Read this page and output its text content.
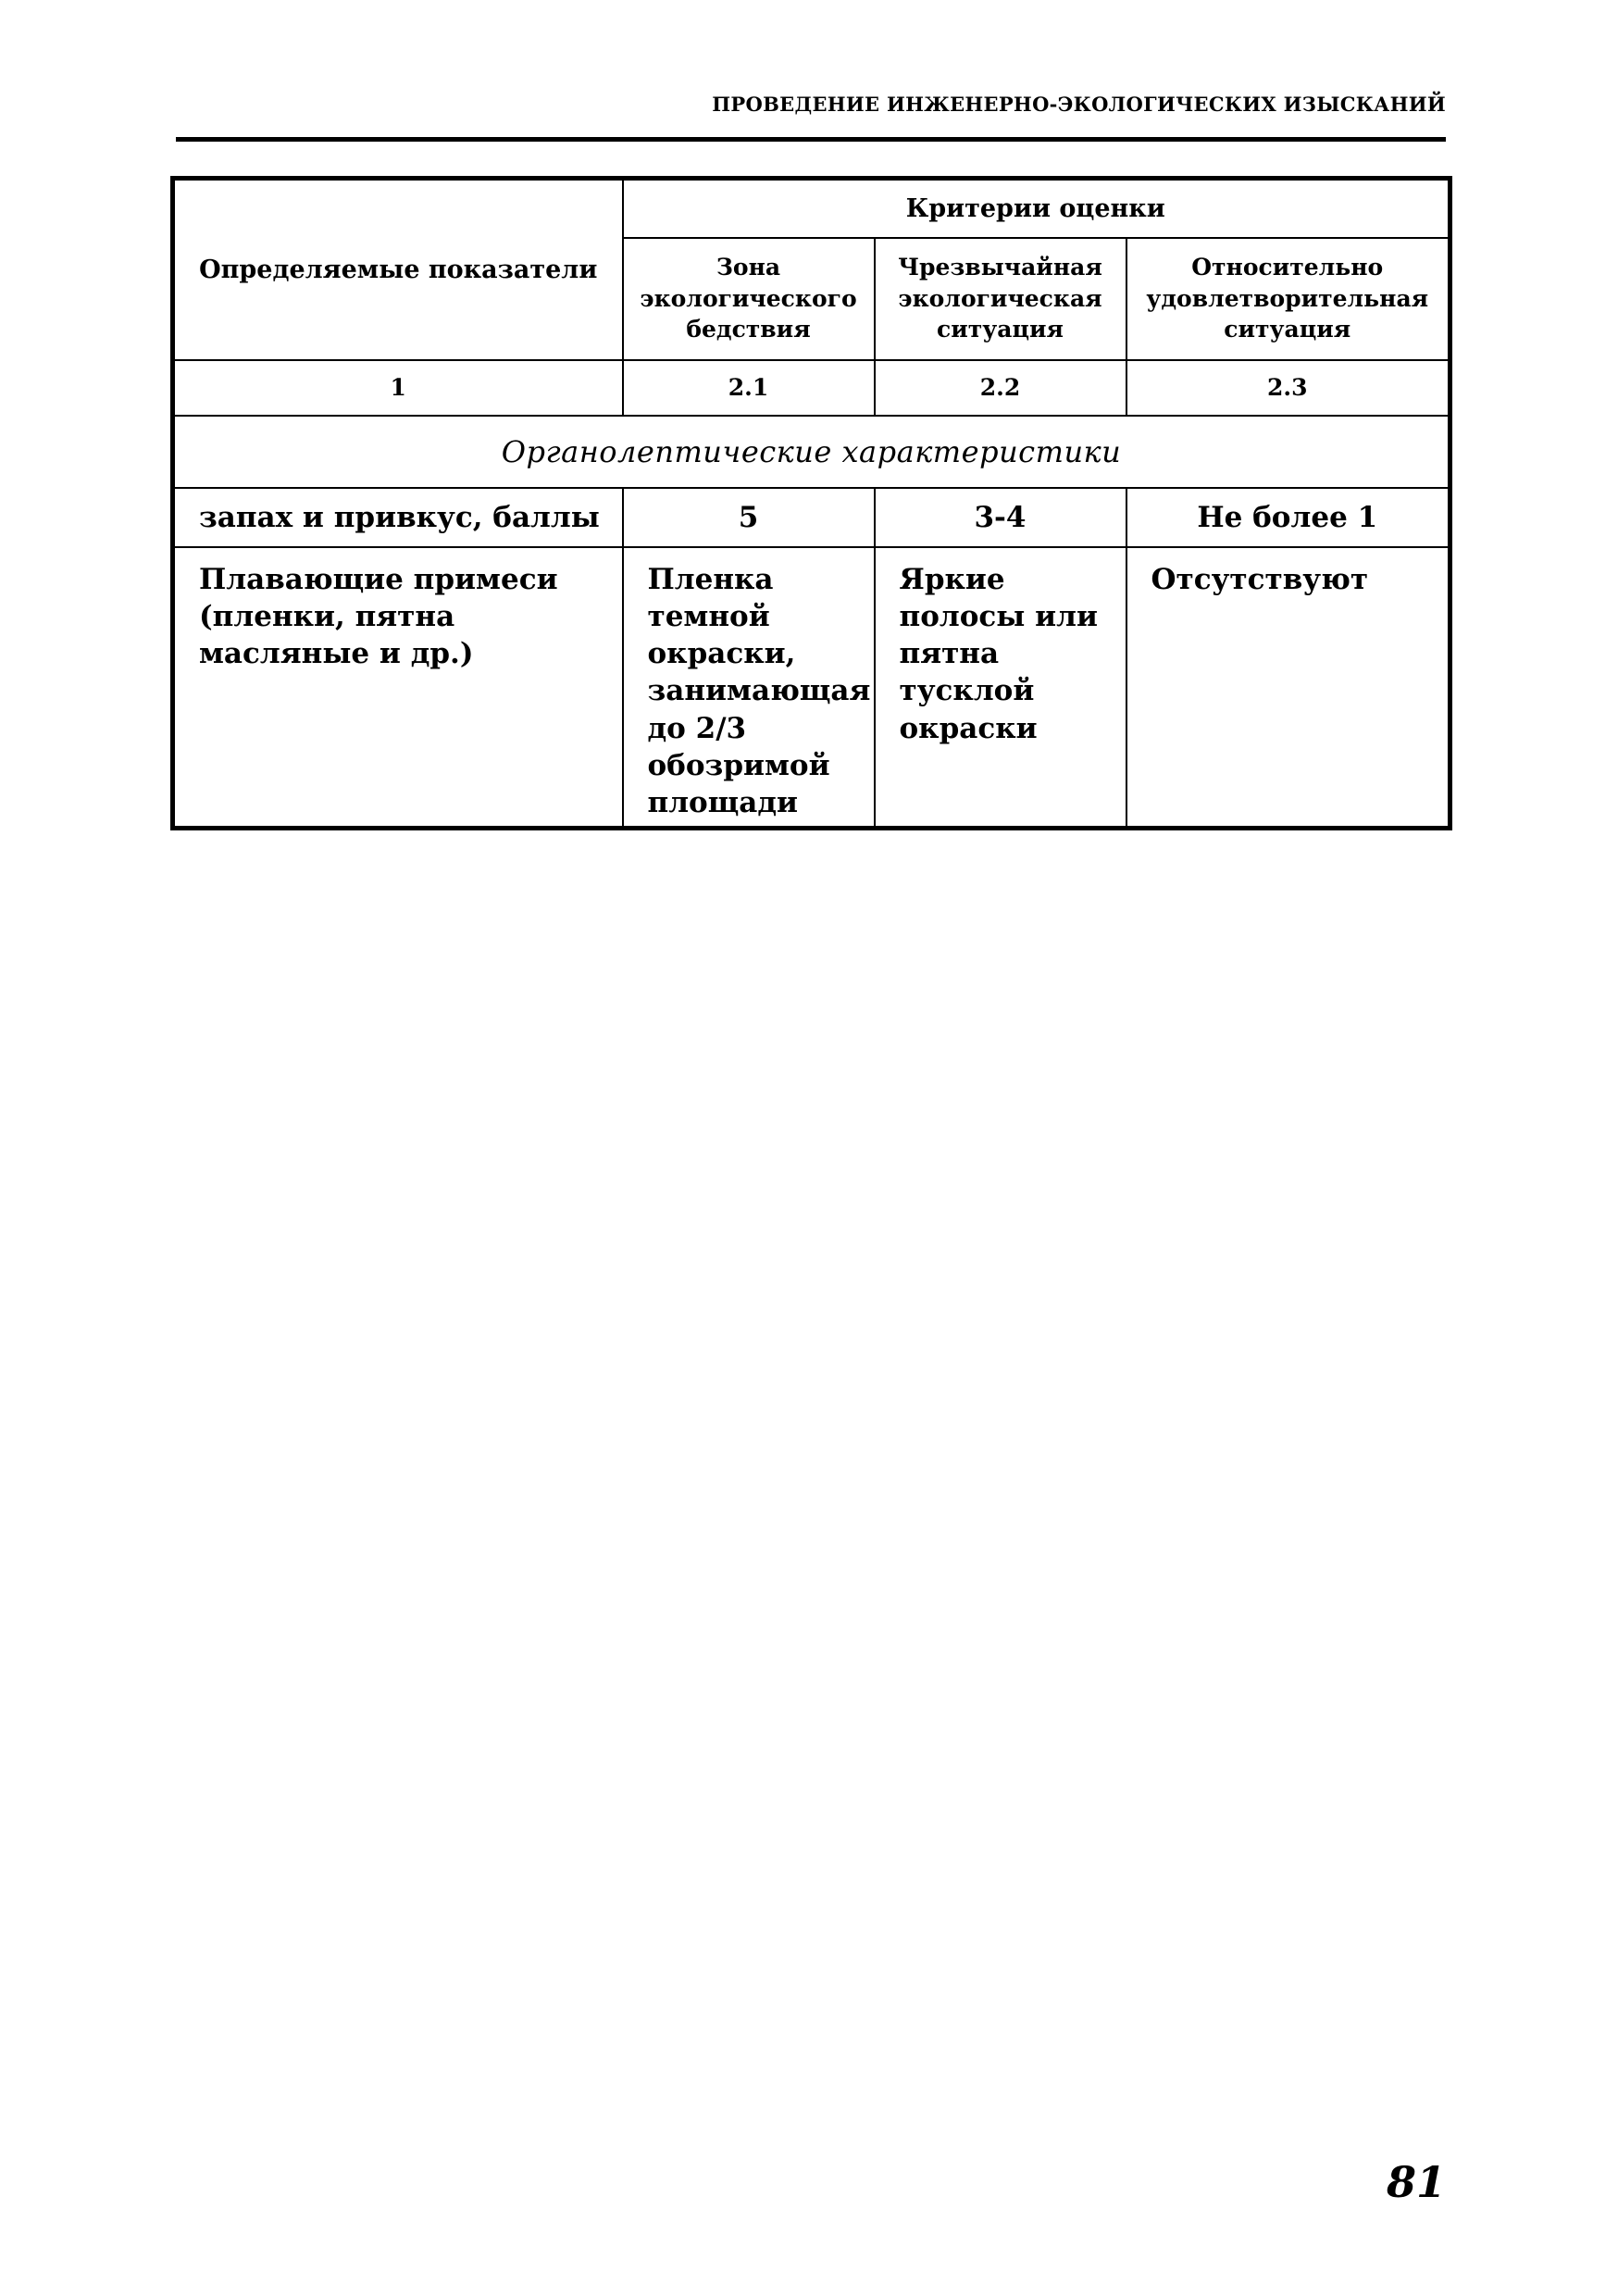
ПРОВЕДЕНИЕ ИНЖЕНЕРНО-ЭКОЛОГИЧЕСКИХ ИЗЫСКАНИЙ
Определяемые показатели	Критерии оценки		
	Зона экологического бедствия	Чрезвычайная экологическая ситуация	Относительно удовлетворительная ситуация
1	2.1	2.2	2.3
Органолептические характеристики			
запах и привкус, баллы	5	3-4	Не более 1
Плавающие примеси (пленки, пятна масляные и др.)	Пленка темной окраски, занимающая до 2/3 обозримой площади	Яркие полосы или пятна тусклой окраски	Отсутствуют
81
